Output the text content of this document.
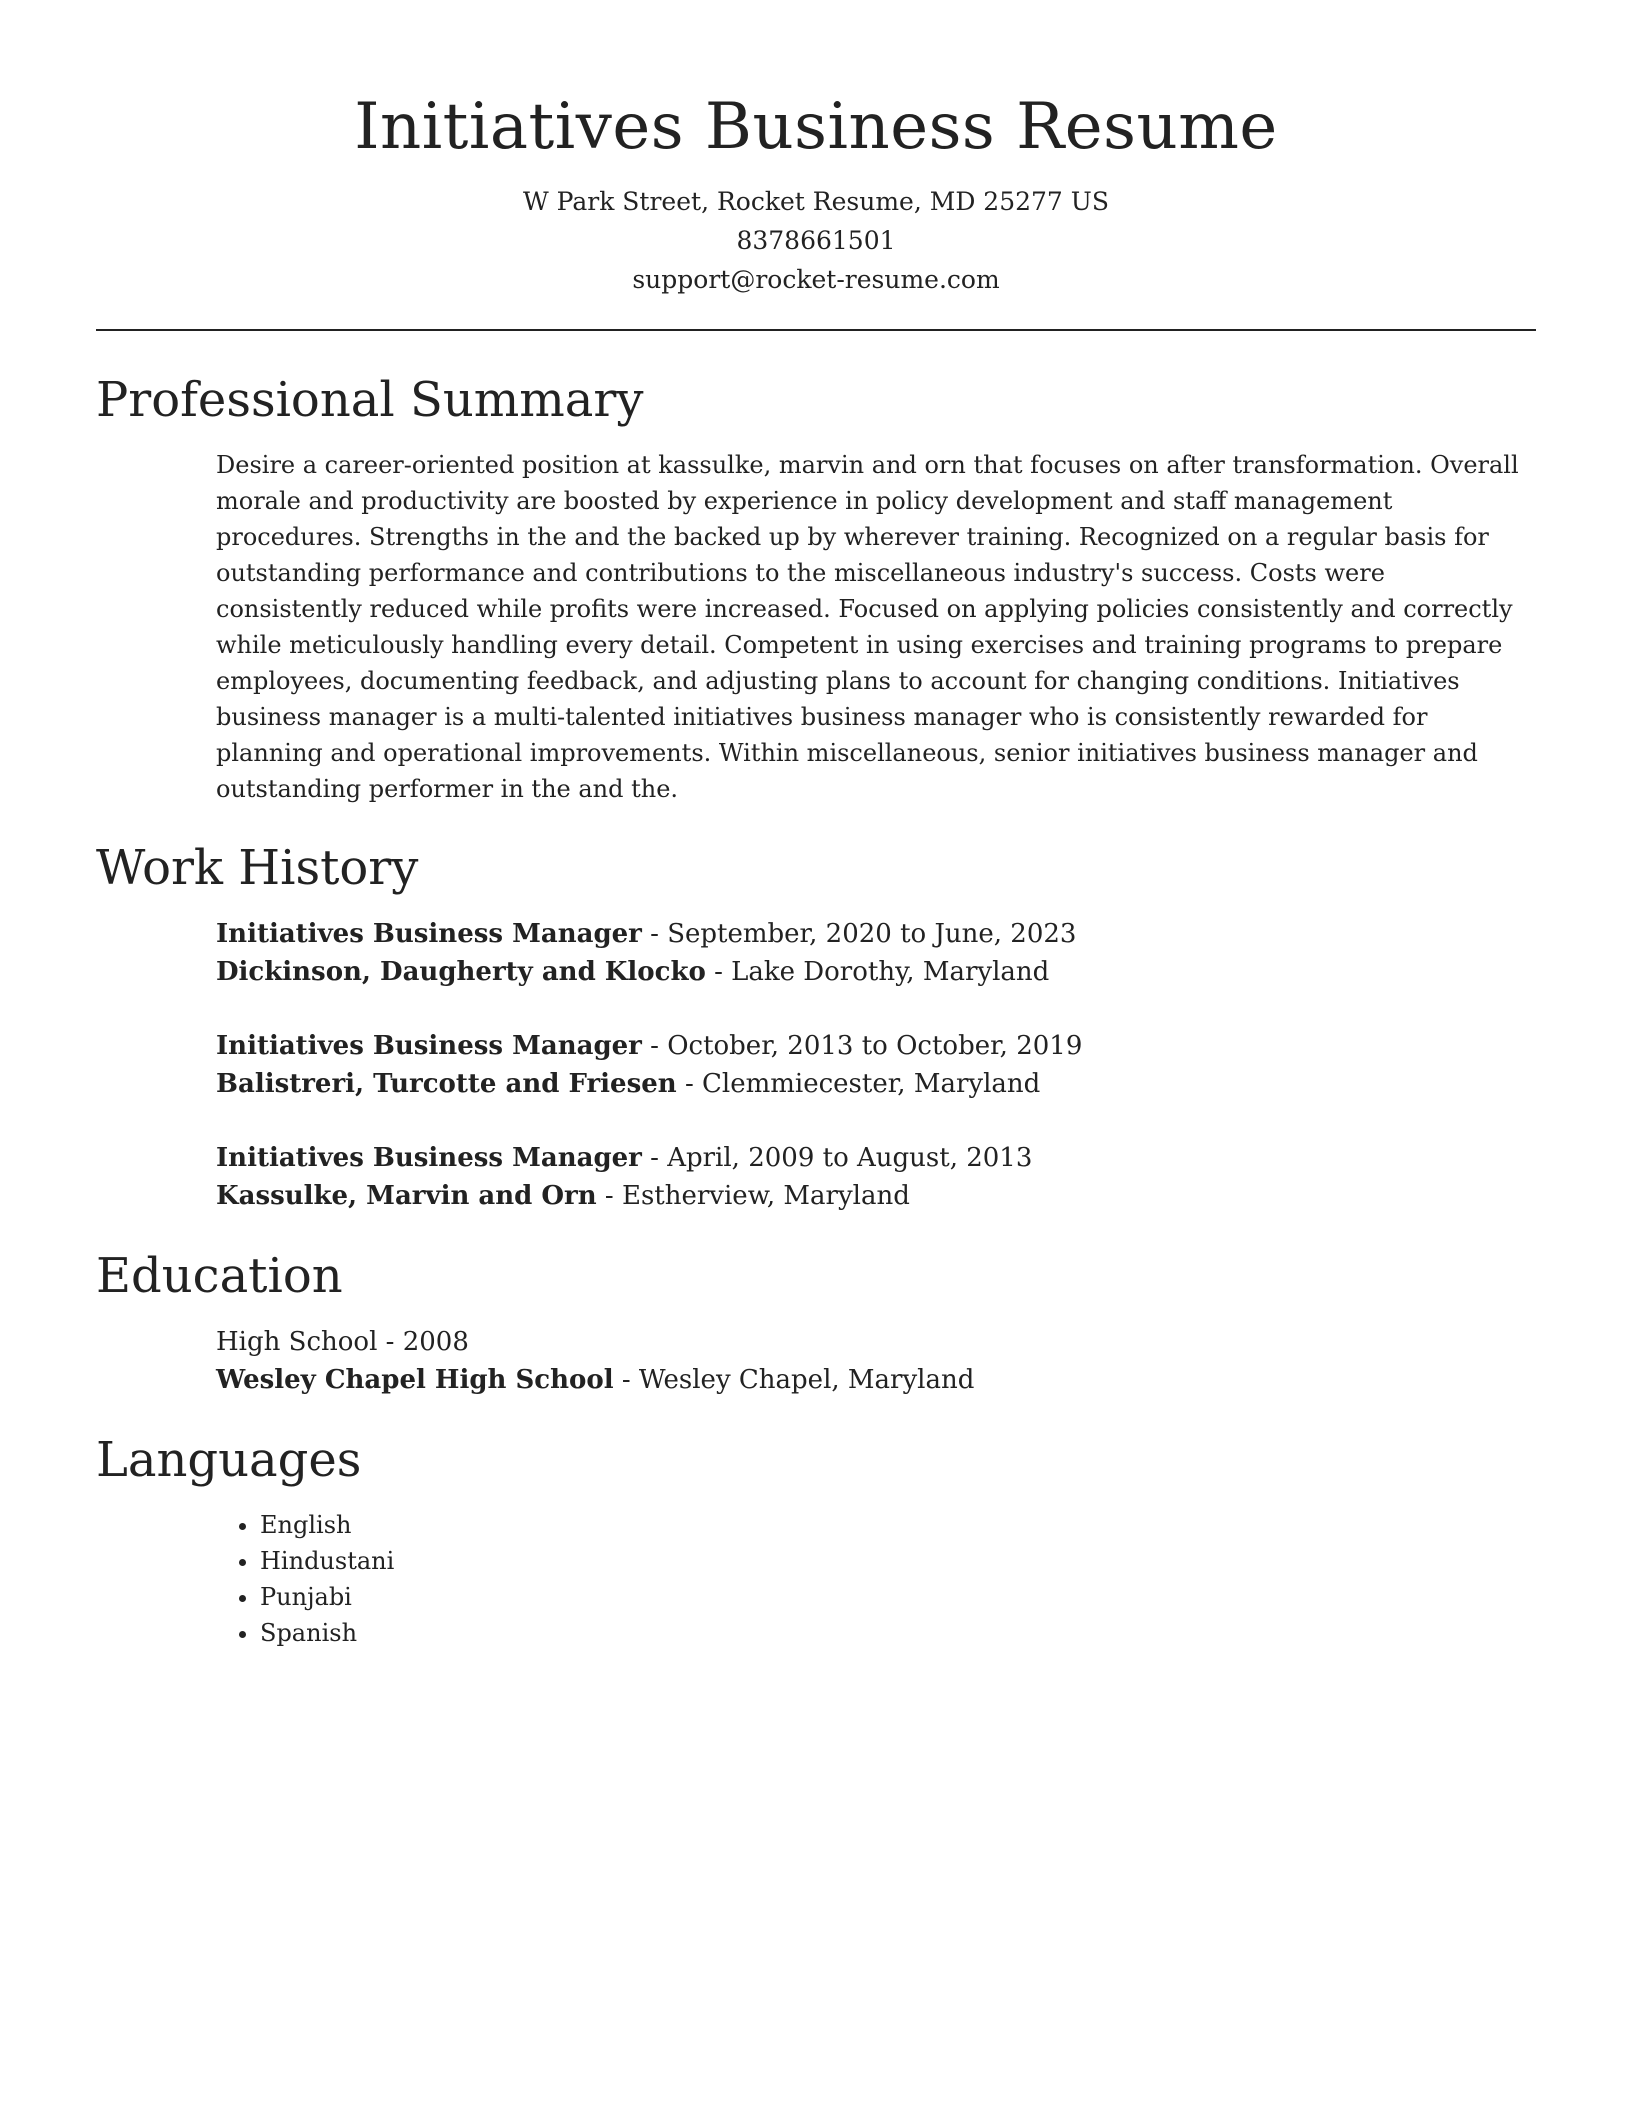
Initiatives Business Resume

W Park Street, Rocket Resume, MD 25277 US

8378661501

support@rocket-resume.com

Professional Summary

Desire a career-oriented position at kassulke, marvin and orn that focuses on after transformation. Overall morale and productivity are boosted by experience in policy development and staff management procedures. Strengths in the and the backed up by wherever training. Recognized on a regular basis for outstanding performance and contributions to the miscellaneous industry's success. Costs were consistently reduced while profits were increased. Focused on applying policies consistently and correctly while meticulously handling every detail. Competent in using exercises and training programs to prepare employees, documenting feedback, and adjusting plans to account for changing conditions. Initiatives business manager is a multi-talented initiatives business manager who is consistently rewarded for planning and operational improvements. Within miscellaneous, senior initiatives business manager and outstanding performer in the and the.

Work History

Initiatives Business Manager - September, 2020 to June, 2023

Dickinson, Daugherty and Klocko - Lake Dorothy, Maryland

Initiatives Business Manager - October, 2013 to October, 2019

Balistreri, Turcotte and Friesen - Clemmiecester, Maryland

Initiatives Business Manager - April, 2009 to August, 2013

Kassulke, Marvin and Orn - Estherview, Maryland

Education

High School - 2008

Wesley Chapel High School - Wesley Chapel, Maryland

Languages
• English
• Hindustani
• Punjabi
• Spanish
